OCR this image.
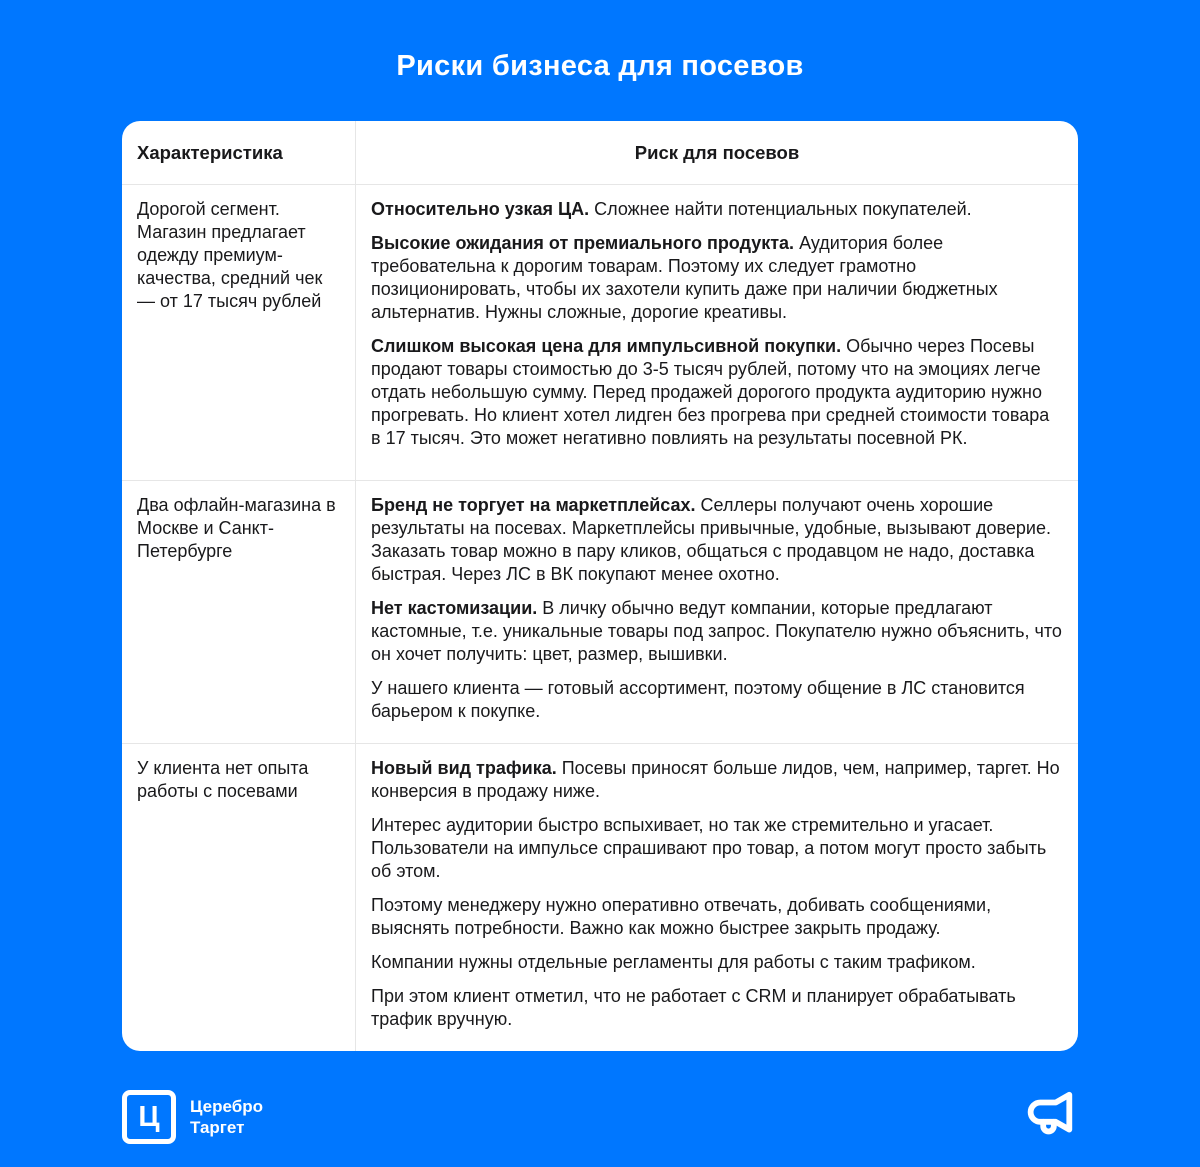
Риски бизнеса для посевов
Характеристика	Риск для посевов
Дорогой сегмент. Магазин предлагает одежду премиум-качества, средний чек — от 17 тысяч рублей

Относительно узкая ЦА. Сложнее найти потенциальных покупателей.

Высокие ожидания от премиального продукта. Аудитория более требовательна к дорогим товарам. Поэтому их следует грамотно позиционировать, чтобы их захотели купить даже при наличии бюджетных альтернатив. Нужны сложные, дорогие креативы.

Слишком высокая цена для импульсивной покупки. Обычно через Посевы продают товары стоимостью до 3-5 тысяч рублей, потому что на эмоциях легче отдать небольшую сумму. Перед продажей дорогого продукта аудиторию нужно прогревать. Но клиент хотел лидген без прогрева при средней стоимости товара в 17 тысяч. Это может негативно повлиять на результаты посевной РК.

Два офлайн-магазина в Москве и Санкт-Петербурге

Бренд не торгует на маркетплейсах. Селлеры получают очень хорошие результаты на посевах. Маркетплейсы привычные, удобные, вызывают доверие. Заказать товар можно в пару кликов, общаться с продавцом не надо, доставка быстрая. Через ЛС в ВК покупают менее охотно.

Нет кастомизации. В личку обычно ведут компании, которые предлагают кастомные, т.е. уникальные товары под запрос. Покупателю нужно объяснить, что он хочет получить: цвет, размер, вышивки.

У нашего клиента — готовый ассортимент, поэтому общение в ЛС становится барьером к покупке.

У клиента нет опыта работы с посевами

Новый вид трафика. Посевы приносят больше лидов, чем, например, таргет. Но конверсия в продажу ниже.

Интерес аудитории быстро вспыхивает, но так же стремительно и угасает. Пользователи на импульсе спрашивают про товар, а потом могут просто забыть об этом.

Поэтому менеджеру нужно оперативно отвечать, добивать сообщениями, выяснять потребности. Важно как можно быстрее закрыть продажу.

Компании нужны отдельные регламенты для работы с таким трафиком.

При этом клиент отметил, что не работает с CRM и планирует обрабатывать трафик вручную.

Ц Церебро
Таргет
